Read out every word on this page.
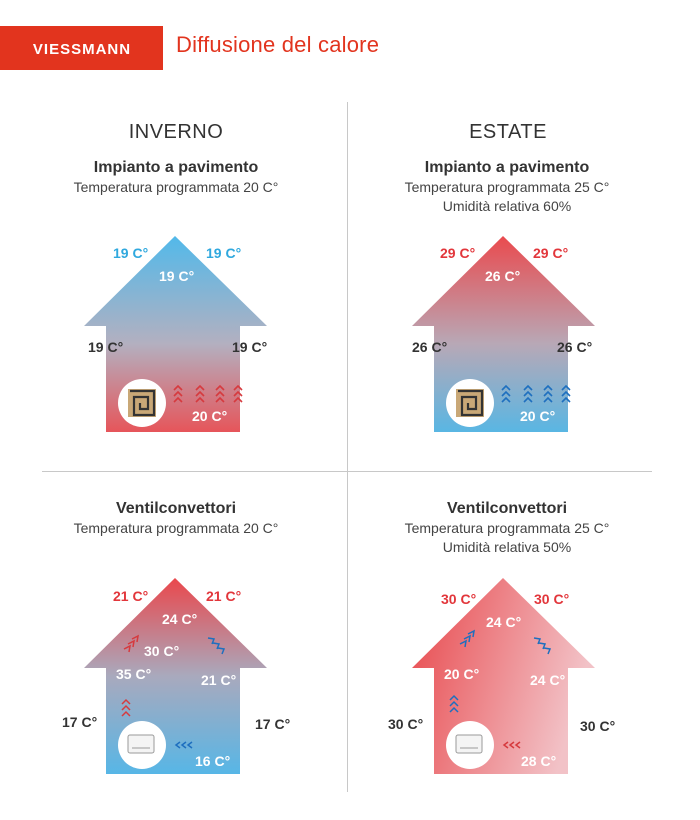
VIESSMANN Diffusione del calore
INVERNO	ESTATE
Impianto a pavimento
Temperatura programmata 20 C°
Impianto a pavimento
Temperatura programmata 25 C°
Umidità relativa 60%
Ventilconvettori
Temperatura programmata 20 C°
Ventilconvettori
Temperatura programmata 25 C°
Umidità relativa 50%
19 C°	19 C°
19 C°
19 C°	19 C°
20 C°
29 C°	29 C°
26 C°
26 C°	26 C°
20 C°
21 C°	21 C°
24 C°
30 C°
35 C°	21 C°
17 C°	17 C°
16 C°
30 C°	30 C°
24 C°
20 C°	24 C°
30 C°	30 C°
28 C°
